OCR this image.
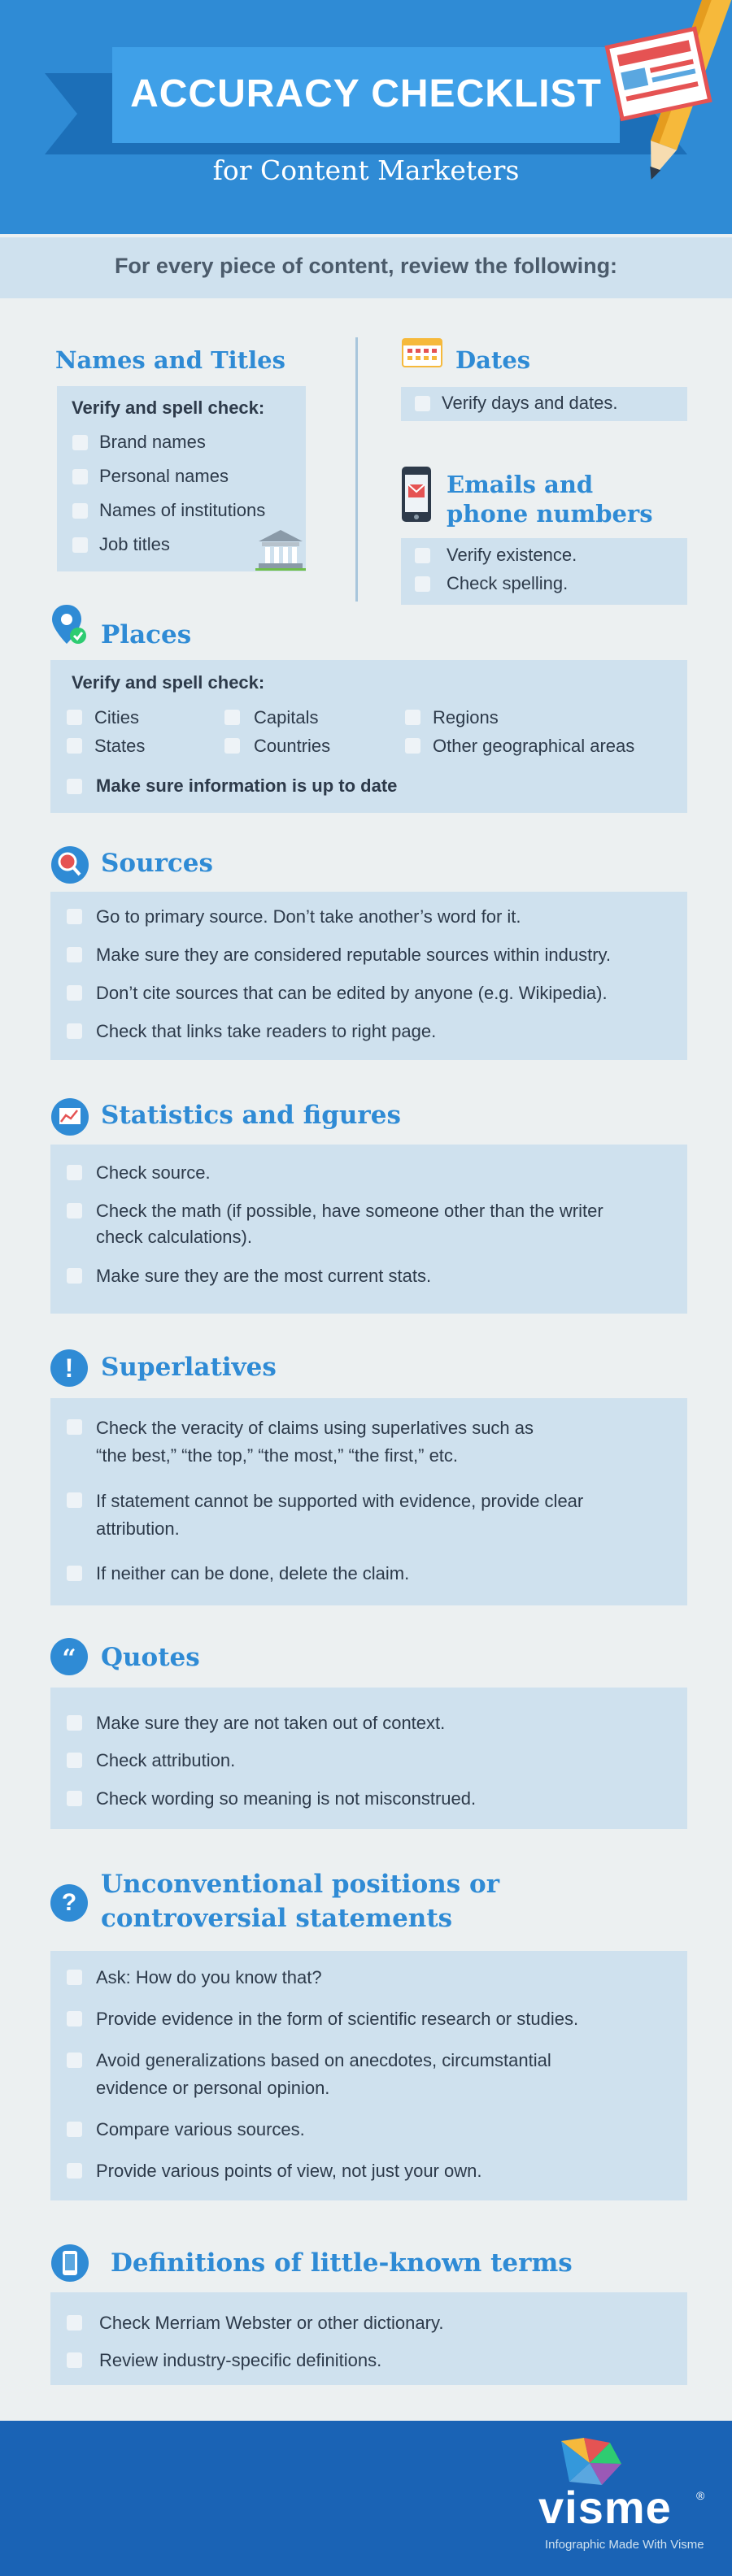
ACCURACY CHECKLIST
for Content Marketers
For every piece of content, review the following:
Names and Titles
Verify and spell check:
Brand names
Personal names
Names of institutions
Job titles
Dates
Verify days and dates.
Emails and
phone numbers
Verify existence.
Check spelling.
Places
Verify and spell check:
Cities	Capitals	Regions
States	Countries	Other geographical areas
Make sure information is up to date
Sources
Go to primary source. Don’t take another’s word for it.
Make sure they are considered reputable sources within industry.
Don’t cite sources that can be edited by anyone (e.g. Wikipedia).
Check that links take readers to right page.
Statistics and figures
Check source.
Check the math (if possible, have someone other than the writer
check calculations).
Make sure they are the most current stats.
!	Superlatives
Check the veracity of claims using superlatives such as
“the best,” “the top,” “the most,” “the first,” etc.
If statement cannot be supported with evidence, provide clear
attribution.
If neither can be done, delete the claim.
“ Quotes
Make sure they are not taken out of context.
Check attribution.
Check wording so meaning is not misconstrued.
?
Unconventional positions or
controversial statements
Ask: How do you know that?
Provide evidence in the form of scientific research or studies.
Avoid generalizations based on anecdotes, circumstantial
evidence or personal opinion.
Compare various sources.
Provide various points of view, not just your own.
Definitions of little-known terms
Check Merriam Webster or other dictionary.
Review industry-specific definitions.
visme ®
Infographic Made With Visme
